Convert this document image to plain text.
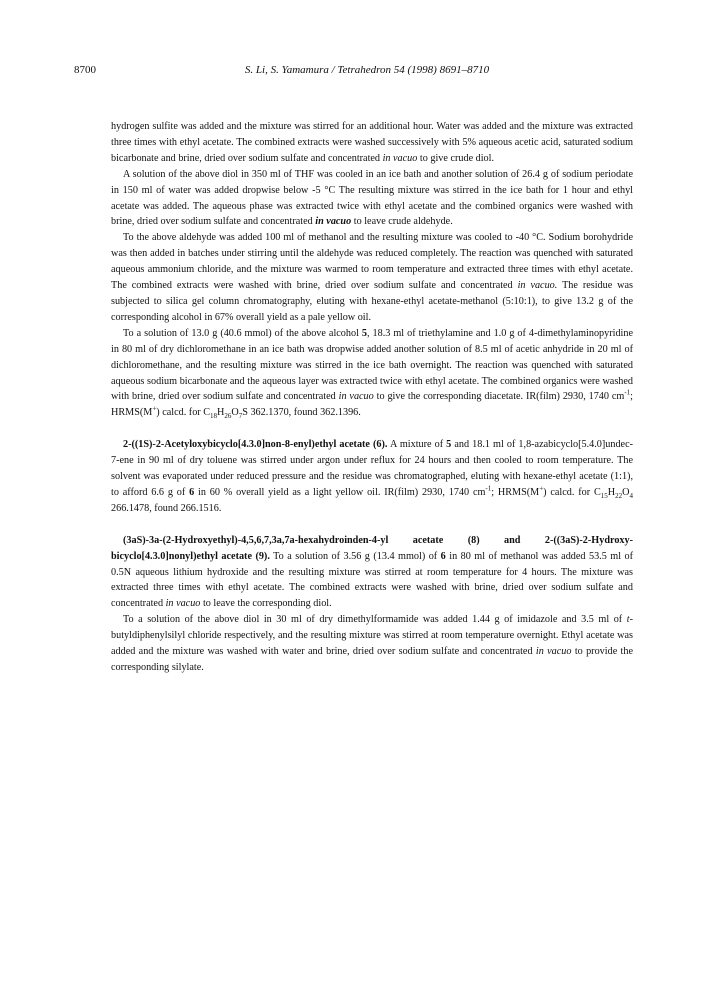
8700	S. Li, S. Yamamura / Tetrahedron 54 (1998) 8691–8710

hydrogen sulfite was added and the mixture was stirred for an additional hour. Water was added and the mixture was extracted three times with ethyl acetate. The combined extracts were washed successively with 5% aqueous acetic acid, saturated sodium bicarbonate and brine, dried over sodium sulfate and concentrated in vacuo to give crude diol.

A solution of the above diol in 350 ml of THF was cooled in an ice bath and another solution of 26.4 g of sodium periodate in 150 ml of water was added dropwise below -5 °C The resulting mixture was stirred in the ice bath for 1 hour and ethyl acetate was added. The aqueous phase was extracted twice with ethyl acetate and the combined organics were washed with brine, dried over sodium sulfate and concentrated in vacuo to leave crude aldehyde.

To the above aldehyde was added 100 ml of methanol and the resulting mixture was cooled to -40 °C. Sodium borohydride was then added in batches under stirring until the aldehyde was reduced completely. The reaction was quenched with saturated aqueous ammonium chloride, and the mixture was warmed to room temperature and extracted three times with ethyl acetate. The combined extracts were washed with brine, dried over sodium sulfate and concentrated in vacuo. The residue was subjected to silica gel column chromatography, eluting with hexane-ethyl acetate-methanol (5:10:1), to give 13.2 g of the corresponding alcohol in 67% overall yield as a pale yellow oil.

To a solution of 13.0 g (40.6 mmol) of the above alcohol 5, 18.3 ml of triethylamine and 1.0 g of 4-dimethylaminopyridine in 80 ml of dry dichloromethane in an ice bath was dropwise added another solution of 8.5 ml of acetic anhydride in 20 ml of dichloromethane, and the resulting mixture was stirred in the ice bath overnight. The reaction was quenched with saturated aqueous sodium bicarbonate and the aqueous layer was extracted twice with ethyl acetate. The combined organics were washed with brine, dried over sodium sulfate and concentrated in vacuo to give the corresponding diacetate. IR(film) 2930, 1740 $cm^{-1}$; HRMS(M+) calcd. for $C_{18}H_{26}O_7S$ 362.1370, found 362.1396.

2-((1S)-2-Acetyloxybicyclo[4.3.0]non-8-enyl)ethyl acetate (6). A mixture of 5 and 18.1 ml of 1,8-azabicyclo[5.4.0]undec-7-ene in 90 ml of dry toluene was stirred under argon under reflux for 24 hours and then cooled to room temperature. The solvent was evaporated under reduced pressure and the residue was chromatographed, eluting with hexane-ethyl acetate (1:1), to afford 6.6 g of 6 in 60 % overall yield as a light yellow oil. IR(film) 2930, 1740 $cm^{-1}$; HRMS(M+) calcd. for $C_{15}H_{22}O_4$ 266.1478, found 266.1516.

(3aS)-3a-(2-Hydroxyethyl)-4,5,6,7,3a,7a-hexahydroinden-4-yl acetate (8) and 2-((3aS)-2-Hydroxy-bicyclo[4.3.0]nonyl)ethyl acetate (9). To a solution of 3.56 g (13.4 mmol) of 6 in 80 ml of methanol was added 53.5 ml of 0.5N aqueous lithium hydroxide and the resulting mixture was stirred at room temperature for 4 hours. The mixture was extracted three times with ethyl acetate. The combined extracts were washed with brine, dried over sodium sulfate and concentrated in vacuo to leave the corresponding diol.

To a solution of the above diol in 30 ml of dry dimethylformamide was added 1.44 g of imidazole and 3.5 ml of t-butyldiphenylsilyl chloride respectively, and the resulting mixture was stirred at room temperature overnight. Ethyl acetate was added and the mixture was washed with water and brine, dried over sodium sulfate and concentrated in vacuo to provide the corresponding silylate.
